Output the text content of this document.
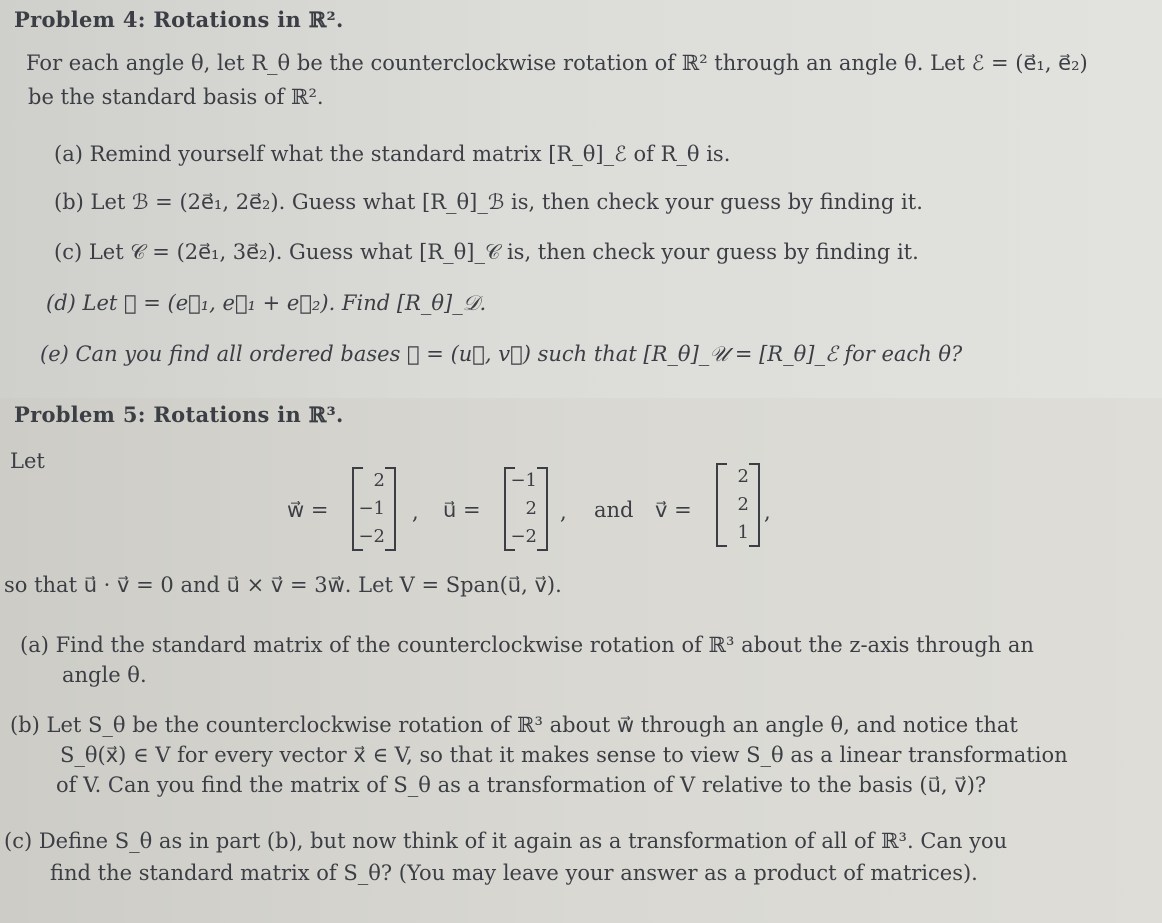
Problem 4: Rotations in ℝ².
For each angle θ, let R_θ be the counterclockwise rotation of ℝ² through an angle θ. Let ℰ = (e⃗₁, e⃗₂)
be the standard basis of ℝ².
(a) Remind yourself what the standard matrix [R_θ]_ℰ of R_θ is.
(b) Let ℬ = (2e⃗₁, 2e⃗₂). Guess what [R_θ]_ℬ is, then check your guess by finding it.
(c) Let 𝒞 = (2e⃗₁, 3e⃗₂). Guess what [R_θ]_𝒞 is, then check your guess by finding it.
(d) Let 𝒟 = (e⃗₁, e⃗₁ + e⃗₂). Find [R_θ]_𝒟.
(e) Can you find all ordered bases 𝒰 = (u⃗, v⃗) such that [R_θ]_𝒰 = [R_θ]_ℰ for each θ?
Problem 5: Rotations in ℝ³.
Let
w⃗ =
2
−1
−2
, u⃗ =
−1
2
−2
, and v⃗ =
2
2
1
,
so that u⃗ · v⃗ = 0 and u⃗ × v⃗ = 3w⃗. Let V = Span(u⃗, v⃗).
(a) Find the standard matrix of the counterclockwise rotation of ℝ³ about the z-axis through an
angle θ.
(b) Let S_θ be the counterclockwise rotation of ℝ³ about w⃗ through an angle θ, and notice that
S_θ(x⃗) ∈ V for every vector x⃗ ∈ V, so that it makes sense to view S_θ as a linear transformation
of V. Can you find the matrix of S_θ as a transformation of V relative to the basis (u⃗, v⃗)?
(c) Define S_θ as in part (b), but now think of it again as a transformation of all of ℝ³. Can you
find the standard matrix of S_θ? (You may leave your answer as a product of matrices).
